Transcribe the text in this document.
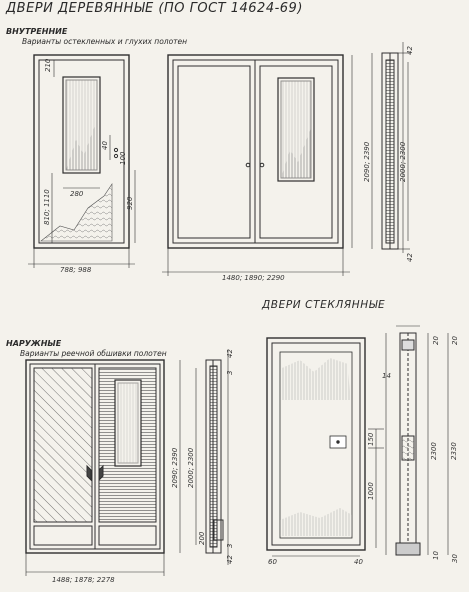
ДВЕРИ ДЕРЕВЯННЫЕ (ПО ГОСТ 14624-69)
ВНУТРЕННИЕ
Варианты остекленных и глухих полотен
ДВЕРИ СТЕКЛЯННЫЕ
НАРУЖНЫЕ
Варианты реечной обшивки полотен
210
280
40
100
920
810; 1110
788; 988
1480; 1890; 2290
2090; 2390	2000; 2300
42
42
2090; 2390 2000; 2300
200
42
3
3
42
1488; 1878; 2278
20 20
14
150
1000
2300 2330
10 30
60	40
